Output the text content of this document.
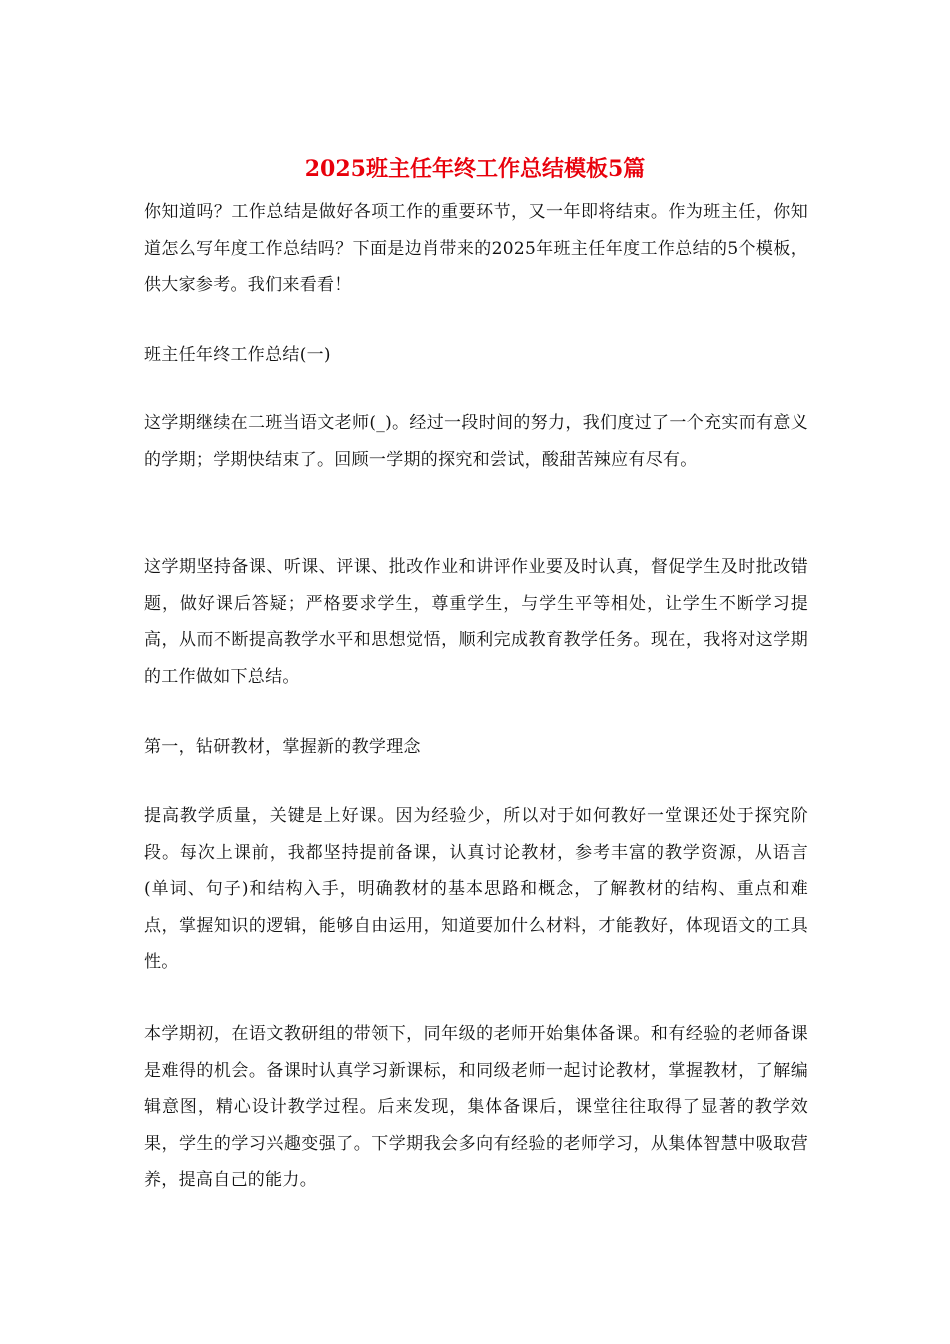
2025班主任年终工作总结模板5篇

你知道吗？工作总结是做好各项工作的重要环节，又一年即将结束。作为班主任，你知道怎么写年度工作总结吗？下面是边肖带来的2025年班主任年度工作总结的5个模板，供大家参考。我们来看看！

班主任年终工作总结(一)

这学期继续在二班当语文老师(_)。经过一段时间的努力，我们度过了一个充实而有意义的学期；学期快结束了。回顾一学期的探究和尝试，酸甜苦辣应有尽有。

这学期坚持备课、听课、评课、批改作业和讲评作业要及时认真，督促学生及时批改错题，做好课后答疑；严格要求学生，尊重学生，与学生平等相处，让学生不断学习提高，从而不断提高教学水平和思想觉悟，顺利完成教育教学任务。现在，我将对这学期的工作做如下总结。

第一，钻研教材，掌握新的教学理念

提高教学质量，关键是上好课。因为经验少，所以对于如何教好一堂课还处于探究阶段。每次上课前，我都坚持提前备课，认真讨论教材，参考丰富的教学资源，从语言(单词、句子)和结构入手，明确教材的基本思路和概念，了解教材的结构、重点和难点，掌握知识的逻辑，能够自由运用，知道要加什么材料，才能教好，体现语文的工具性。

本学期初，在语文教研组的带领下，同年级的老师开始集体备课。和有经验的老师备课是难得的机会。备课时认真学习新课标，和同级老师一起讨论教材，掌握教材，了解编辑意图，精心设计教学过程。后来发现，集体备课后，课堂往往取得了显著的教学效果，学生的学习兴趣变强了。下学期我会多向有经验的老师学习，从集体智慧中吸取营养，提高自己的能力。
